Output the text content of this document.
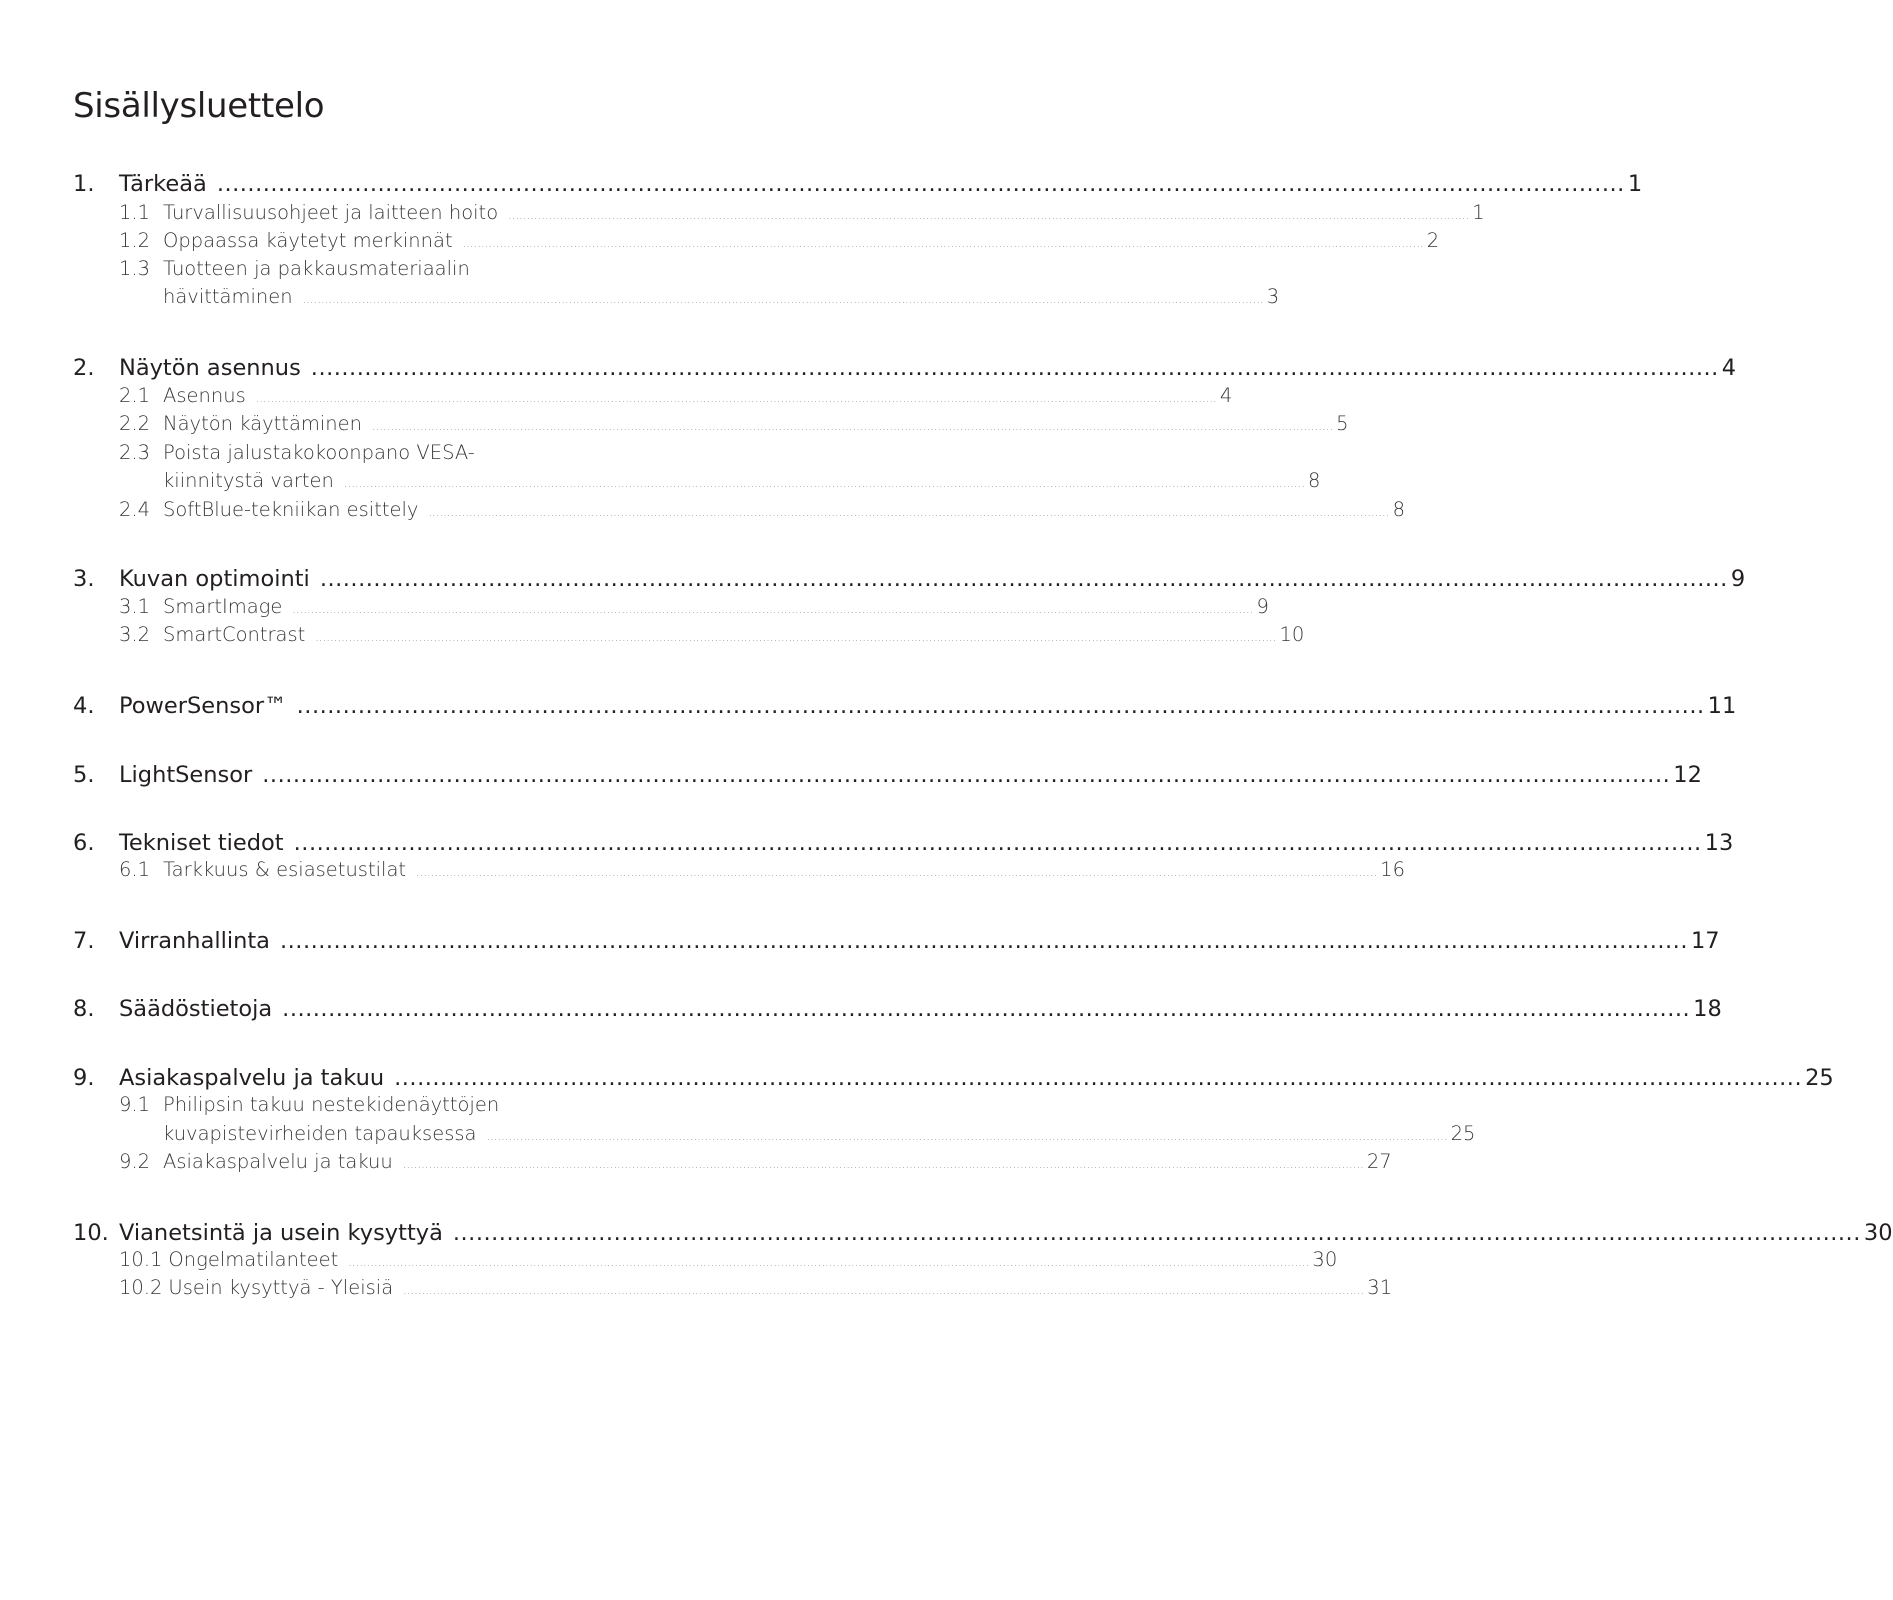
Sisällysluettelo
1.	Tärkeää .....	1
1.1 Turvallisuusohjeet ja laitteen hoito .....	1
1.2 Oppaassa käytetyt merkinnät .....	2
1.3 Tuotteen ja pakkausmateriaalin
hävittäminen .....	3
2.	Näytön asennus .....	4
2.1 Asennus .....	4
2.2 Näytön käyttäminen .....	5
2.3 Poista jalustakokoonpano VESA-
kiinnitystä varten .....	8
2.4 SoftBlue-tekniikan esittely .....	8
3.	Kuvan optimointi .....	9
3.1 SmartImage .....	9
3.2 SmartContrast .....	10
4.	PowerSensor™ .....	11
5.	LightSensor .....	12
6.	Tekniset tiedot .....	13
6.1 Tarkkuus & esiasetustilat .....	16
7.	Virranhallinta .....	17
8.	Säädöstietoja .....	18
9.	Asiakaspalvelu ja takuu .....	25
9.1 Philipsin takuu nestekidenäyttöjen
kuvapistevirheiden tapauksessa .....	25
9.2 Asiakaspalvelu ja takuu .....	27
10. Vianetsintä ja usein kysyttyä .....	30
10.1 Ongelmatilanteet .....	30
10.2 Usein kysyttyä - Yleisiä .....	31
